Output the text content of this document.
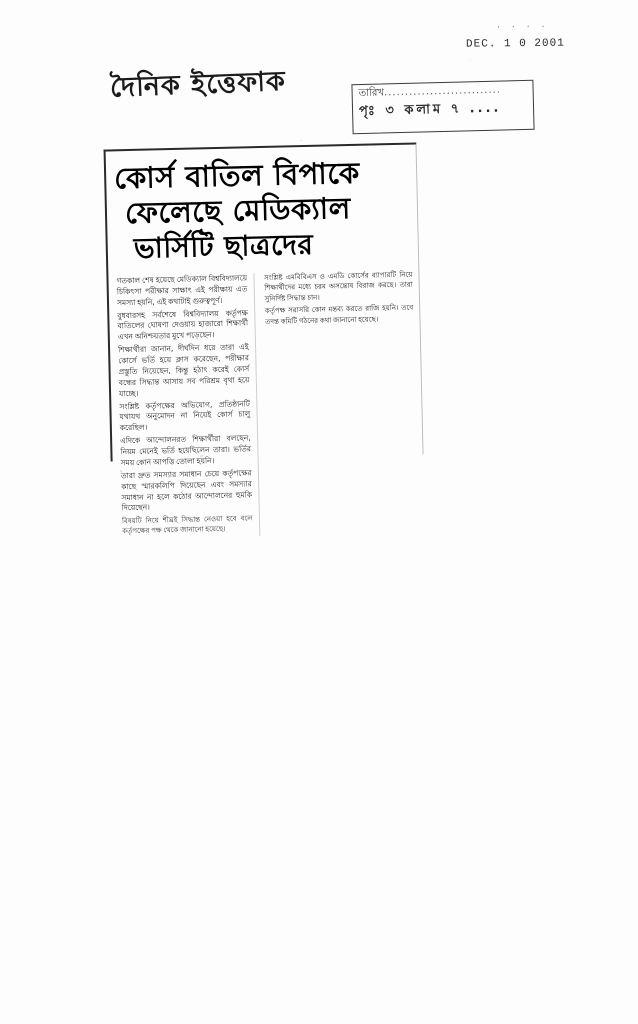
· · · ·
DEC. 1 0 2001
দৈনিক ইত্তেফাক	তারিখ............................
পৃঃ ৩ কলাম ৭ ....
কোর্স বাতিল বিপাকে
ফেলেছে মেডিক্যাল
ভার্সিটি ছাত্রদের

গতকাল শেষ হয়েছে মেডিক্যাল বিশ্ববিদ্যালয়ে চিকিৎসা পরীক্ষার সাক্ষাৎ এই পরীক্ষায় এত সমস্যা হয়নি, এই কথাটাই গুরুত্বপূর্ণ।

বুধবারসহ সর্বশেষে বিশ্ববিদ্যালয় কর্তৃপক্ষ বাতিলের ঘোষণা দেওয়ায় হাজারো শিক্ষার্থী এখন অনিশ্চয়তার মুখে পড়েছেন।

শিক্ষার্থীরা জানান, দীর্ঘদিন ধরে তারা এই কোর্সে ভর্তি হয়ে ক্লাস করেছেন, পরীক্ষার প্রস্তুতি নিয়েছেন, কিন্তু হঠাৎ করেই কোর্স বন্ধের সিদ্ধান্ত আসায় সব পরিশ্রম বৃথা হয়ে যাচ্ছে।

সংশ্লিষ্ট কর্তৃপক্ষের অভিযোগ, প্রতিষ্ঠানটি যথাযথ অনুমোদন না নিয়েই কোর্স চালু করেছিল।

এদিকে আন্দোলনরত শিক্ষার্থীরা বলছেন, নিয়ম মেনেই ভর্তি হয়েছিলেন তারা। ভর্তির সময় কোন আপত্তি তোলা হয়নি।

তারা দ্রুত সমস্যার সমাধান চেয়ে কর্তৃপক্ষের কাছে স্মারকলিপি দিয়েছেন এবং সমস্যার সমাধান না হলে কঠোর আন্দোলনের হুমকি দিয়েছেন।

বিষয়টি নিয়ে শীঘ্রই সিদ্ধান্ত নেওয়া হবে বলে কর্তৃপক্ষের পক্ষ থেকে জানানো হয়েছে।

সংশ্লিষ্ট এমবিবিএস ও এমডি কোর্সের ব্যাপারটি নিয়ে শিক্ষার্থীদের মধ্যে চরম অসন্তোষ বিরাজ করছে। তারা সুনির্দিষ্ট সিদ্ধান্ত চান।

কর্তৃপক্ষ সরাসরি কোন মন্তব্য করতে রাজি হয়নি। তবে তদন্ত কমিটি গঠনের কথা জানানো হয়েছে।
